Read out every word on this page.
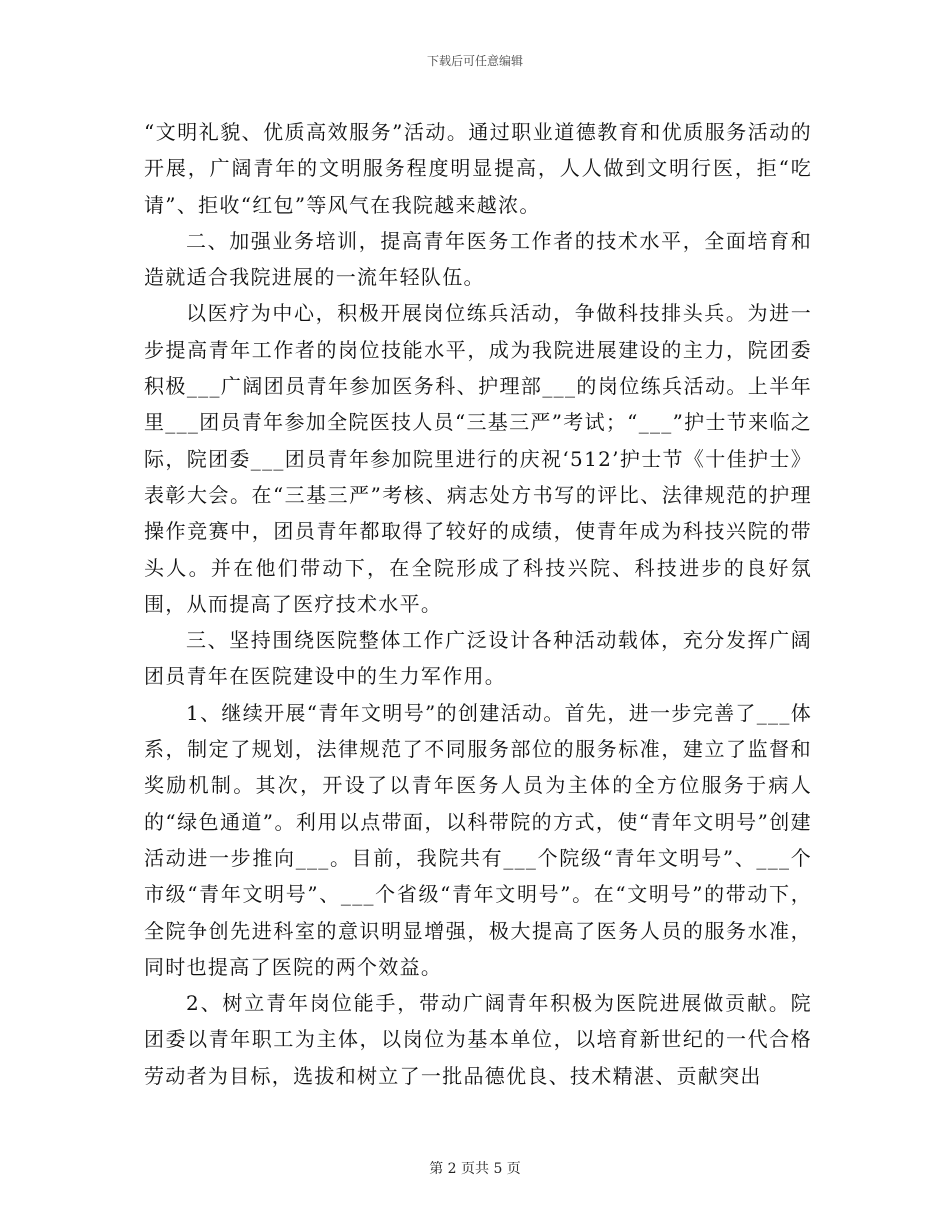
下载后可任意编辑

“文明礼貌、优质高效服务”活动。通过职业道德教育和优质服务活动的开展，广阔青年的文明服务程度明显提高，人人做到文明行医，拒“吃请”、拒收“红包”等风气在我院越来越浓。

二、加强业务培训，提高青年医务工作者的技术水平，全面培育和造就适合我院进展的一流年轻队伍。

以医疗为中心，积极开展岗位练兵活动，争做科技排头兵。为进一步提高青年工作者的岗位技能水平，成为我院进展建设的主力，院团委积极___广阔团员青年参加医务科、护理部___的岗位练兵活动。上半年里___团员青年参加全院医技人员“三基三严”考试；“___”护士节来临之际，院团委___团员青年参加院里进行的庆祝‘512’护士节《十佳护士》表彰大会。在“三基三严”考核、病志处方书写的评比、法律规范的护理操作竞赛中，团员青年都取得了较好的成绩，使青年成为科技兴院的带头人。并在他们带动下，在全院形成了科技兴院、科技进步的良好氛围，从而提高了医疗技术水平。

三、坚持围绕医院整体工作广泛设计各种活动载体，充分发挥广阔团员青年在医院建设中的生力军作用。

1、继续开展“青年文明号”的创建活动。首先，进一步完善了___体系，制定了规划，法律规范了不同服务部位的服务标准，建立了监督和奖励机制。其次，开设了以青年医务人员为主体的全方位服务于病人的“绿色通道”。利用以点带面，以科带院的方式，使“青年文明号”创建活动进一步推向___。目前，我院共有___个院级“青年文明号”、___个市级“青年文明号”、___个省级“青年文明号”。在“文明号”的带动下，全院争创先进科室的意识明显增强，极大提高了医务人员的服务水准，同时也提高了医院的两个效益。

2、树立青年岗位能手，带动广阔青年积极为医院进展做贡献。院团委以青年职工为主体，以岗位为基本单位，以培育新世纪的一代合格劳动者为目标，选拔和树立了一批品德优良、技术精湛、贡献突出

第 2 页共 5 页
